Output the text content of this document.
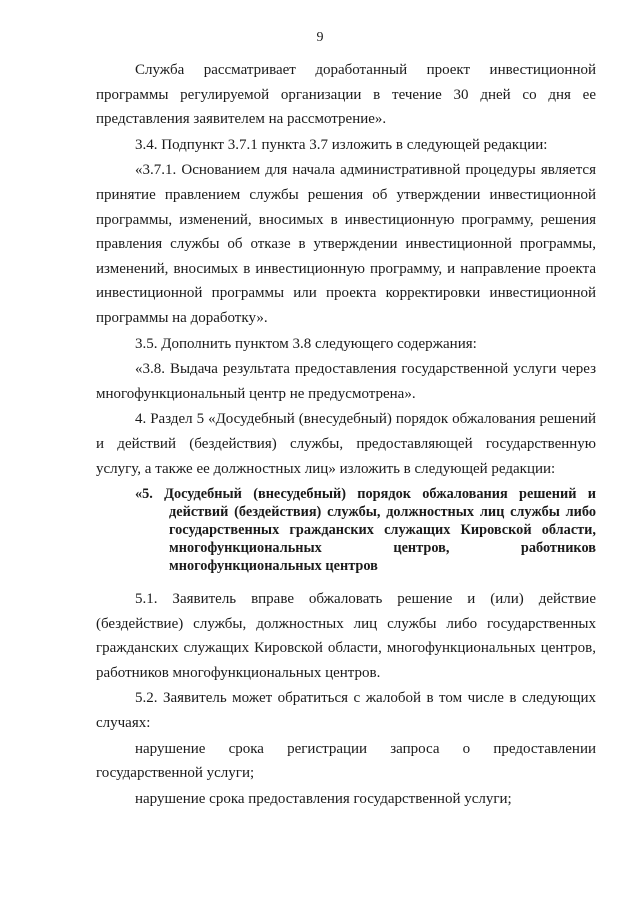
9

Служба рассматривает доработанный проект инвестиционной программы регулируемой организации в течение 30 дней со дня ее представления заявителем на рассмотрение».

3.4. Подпункт 3.7.1 пункта 3.7 изложить в следующей редакции:

«3.7.1. Основанием для начала административной процедуры является принятие правлением службы решения об утверждении инвестиционной программы, изменений, вносимых в инвестиционную программу, решения правления службы об отказе в утверждении инвестиционной программы, изменений, вносимых в инвестиционную программу, и направление проекта инвестиционной программы или проекта корректировки инвестиционной программы на доработку».

3.5. Дополнить пунктом 3.8 следующего содержания:

«3.8. Выдача результата предоставления государственной услуги через многофункциональный центр не предусмотрена».

4. Раздел 5 «Досудебный (внесудебный) порядок обжалования решений и действий (бездействия) службы, предоставляющей государственную услугу, а также ее должностных лиц» изложить в следующей редакции:

«5. Досудебный (внесудебный) порядок обжалования решений и действий (бездействия) службы, должностных лиц службы либо государственных гражданских служащих Кировской области, многофункциональных центров, работников многофункциональных центров

5.1. Заявитель вправе обжаловать решение и (или) действие (бездействие) службы, должностных лиц службы либо государственных гражданских служащих Кировской области, многофункциональных центров, работников многофункциональных центров.

5.2. Заявитель может обратиться с жалобой в том числе в следующих случаях:

нарушение срока регистрации запроса о предоставлении государственной услуги;

нарушение срока предоставления государственной услуги;
